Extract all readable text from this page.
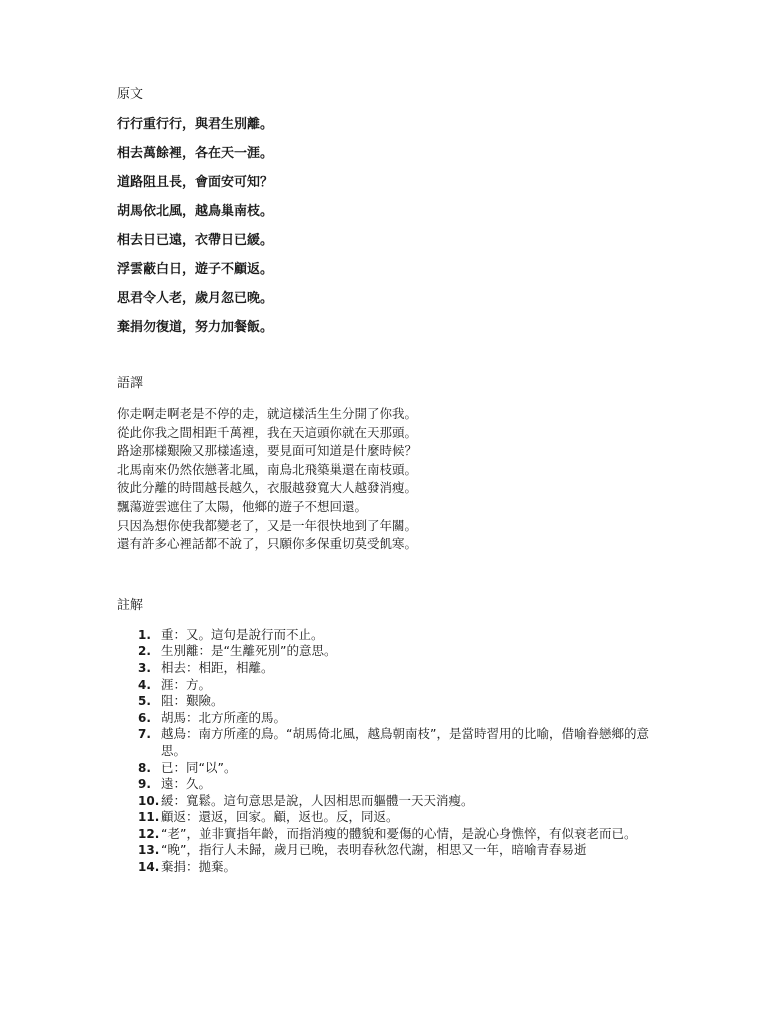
原文
行行重行行，與君生別離。
相去萬餘裡，各在天一涯。
道路阻且長，會面安可知？
胡馬依北風，越鳥巢南枝。
相去日已遠，衣帶日已緩。
浮雲蔽白日，遊子不顧返。
思君令人老，歲月忽已晚。
棄捐勿復道，努力加餐飯。
語譯
你走啊走啊老是不停的走，就這樣活生生分開了你我。
從此你我之間相距千萬裡，我在天這頭你就在天那頭。
路途那樣艱險又那樣遙遠，要見面可知道是什麼時候？
北馬南來仍然依戀著北風，南鳥北飛築巢還在南枝頭。
彼此分離的時間越長越久，衣服越發寬大人越發消瘦。
飄蕩遊雲遮住了太陽，他鄉的遊子不想回還。
只因為想你使我都變老了，又是一年很快地到了年關。
還有許多心裡話都不說了，只願你多保重切莫受飢寒。
註解
1. 重：又。這句是說行而不止。
2. 生別離：是“生離死別”的意思。
3. 相去：相距，相離。
4. 涯：方。
5. 阻：艱險。
6. 胡馬：北方所產的馬。
7. 越鳥：南方所產的鳥。“胡馬倚北風，越鳥朝南枝”，是當時習用的比喻，借喻眷戀鄉的意思。
8. 已：同“以”。
9. 遠：久。
10. 緩：寬鬆。這句意思是說，人因相思而軀體一天天消瘦。
11. 顧返：還返，回家。顧，返也。反，同返。
12. “老”，並非實指年齡，而指消瘦的體貌和憂傷的心情，是說心身憔悴，有似衰老而已。
13. “晚”，指行人未歸，歲月已晚，表明春秋忽代謝，相思又一年，暗喻青春易逝
14. 棄捐：拋棄。
